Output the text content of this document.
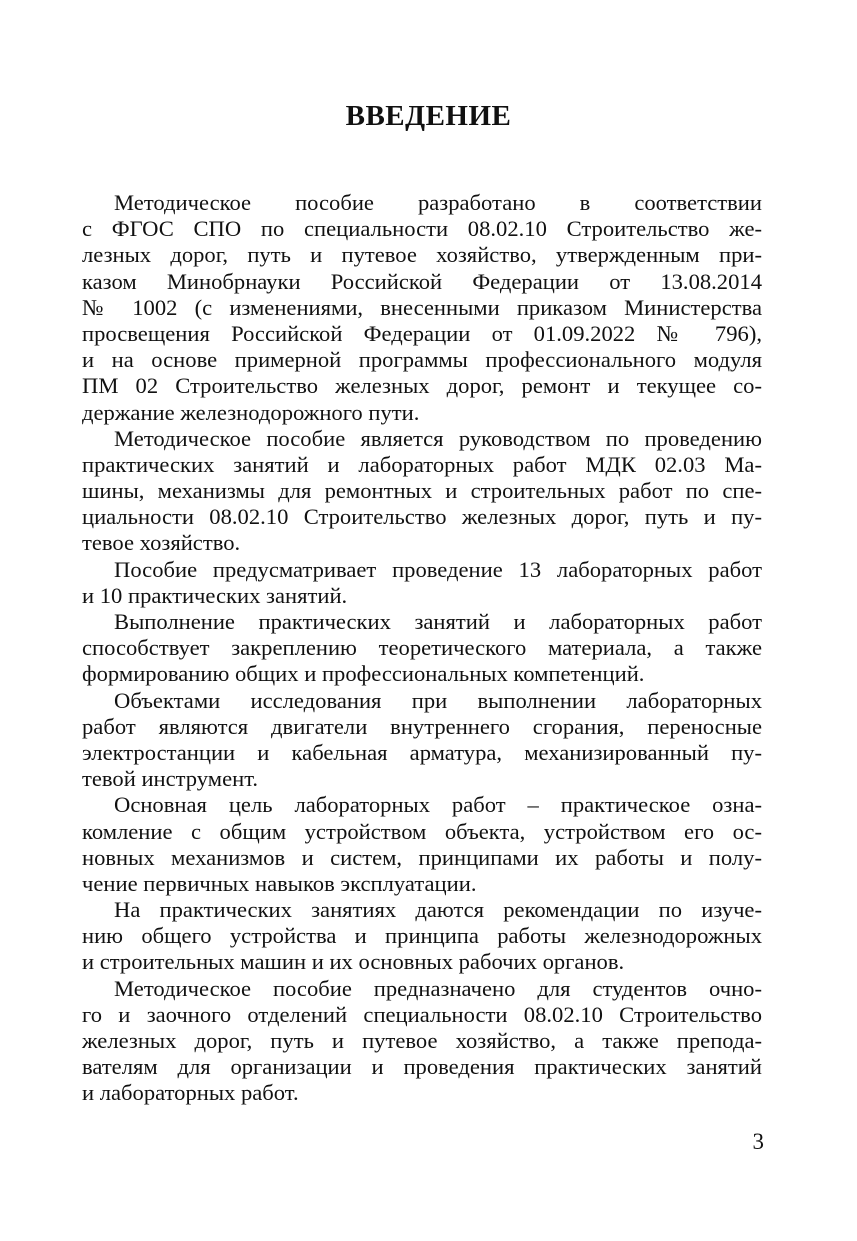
ВВЕДЕНИЕ
Методическое пособие разработано в соответствии
с ФГОС СПО по специальности 08.02.10 Строительство же-
лезных дорог, путь и путевое хозяйство, утвержденным при-
казом Минобрнауки Российской Федерации от 13.08.2014
№ 1002 (с изменениями, внесенными приказом Министерства
просвещения Российской Федерации от 01.09.2022 № 796),
и на основе примерной программы профессионального модуля
ПМ 02 Строительство железных дорог, ремонт и текущее со-
держание железнодорожного пути.
Методическое пособие является руководством по проведению
практических занятий и лабораторных работ МДК 02.03 Ма-
шины, механизмы для ремонтных и строительных работ по спе-
циальности 08.02.10 Строительство железных дорог, путь и пу-
тевое хозяйство.
Пособие предусматривает проведение 13 лабораторных работ
и 10 практических занятий.
Выполнение практических занятий и лабораторных работ
способствует закреплению теоретического материала, а также
формированию общих и профессиональных компетенций.
Объектами исследования при выполнении лабораторных
работ являются двигатели внутреннего сгорания, переносные
электростанции и кабельная арматура, механизированный пу-
тевой инструмент.
Основная цель лабораторных работ – практическое озна-
комление с общим устройством объекта, устройством его ос-
новных механизмов и систем, принципами их работы и полу-
чение первичных навыков эксплуатации.
На практических занятиях даются рекомендации по изуче-
нию общего устройства и принципа работы железнодорожных
и строительных машин и их основных рабочих органов.
Методическое пособие предназначено для студентов очно-
го и заочного отделений специальности 08.02.10 Строительство
железных дорог, путь и путевое хозяйство, а также препода-
вателям для организации и проведения практических занятий
и лабораторных работ.
3
